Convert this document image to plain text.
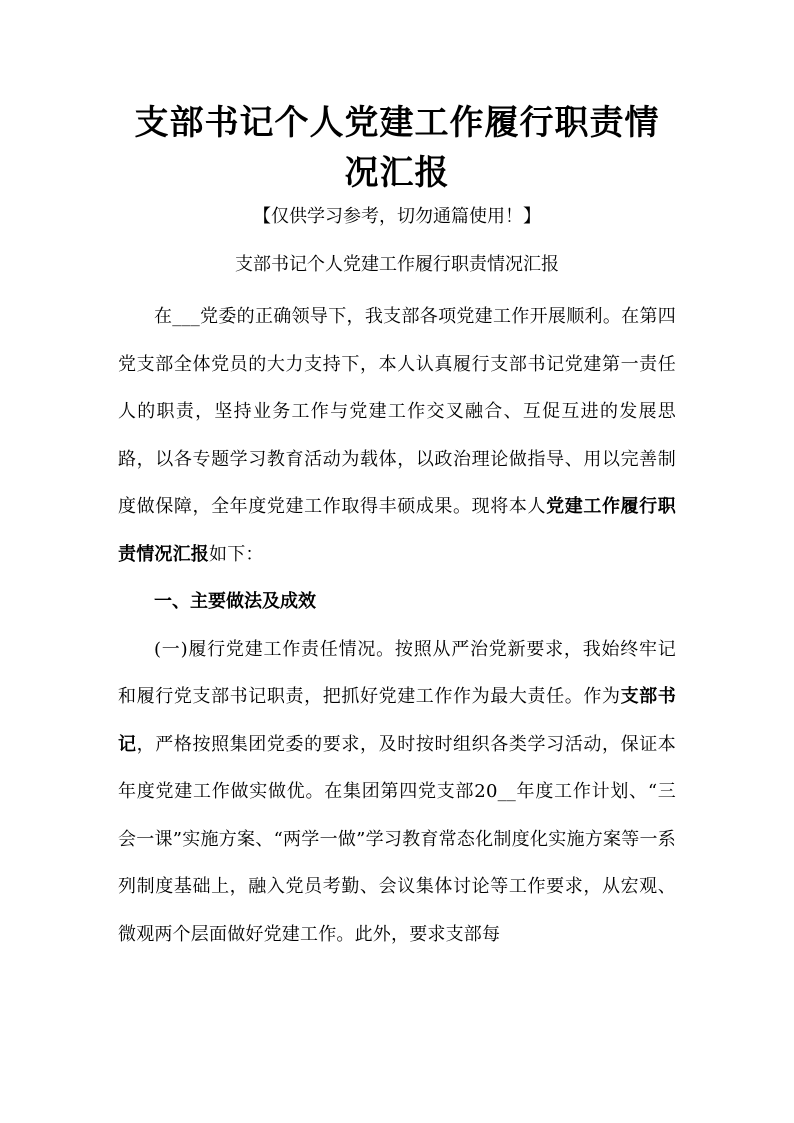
支部书记个人党建工作履行职责情况汇报

【仅供学习参考，切勿通篇使用！】

支部书记个人党建工作履行职责情况汇报

在___党委的正确领导下，我支部各项党建工作开展顺利。在第四党支部全体党员的大力支持下，本人认真履行支部书记党建第一责任人的职责，坚持业务工作与党建工作交叉融合、互促互进的发展思路，以各专题学习教育活动为载体，以政治理论做指导、用以完善制度做保障，全年度党建工作取得丰硕成果。现将本人党建工作履行职责情况汇报如下：

一、主要做法及成效

(一)履行党建工作责任情况。按照从严治党新要求，我始终牢记和履行党支部书记职责，把抓好党建工作作为最大责任。作为支部书记，严格按照集团党委的要求，及时按时组织各类学习活动，保证本年度党建工作做实做优。在集团第四党支部20__年度工作计划、“三会一课”实施方案、“两学一做”学习教育常态化制度化实施方案等一系列制度基础上，融入党员考勤、会议集体讨论等工作要求，从宏观、微观两个层面做好党建工作。此外，要求支部每
